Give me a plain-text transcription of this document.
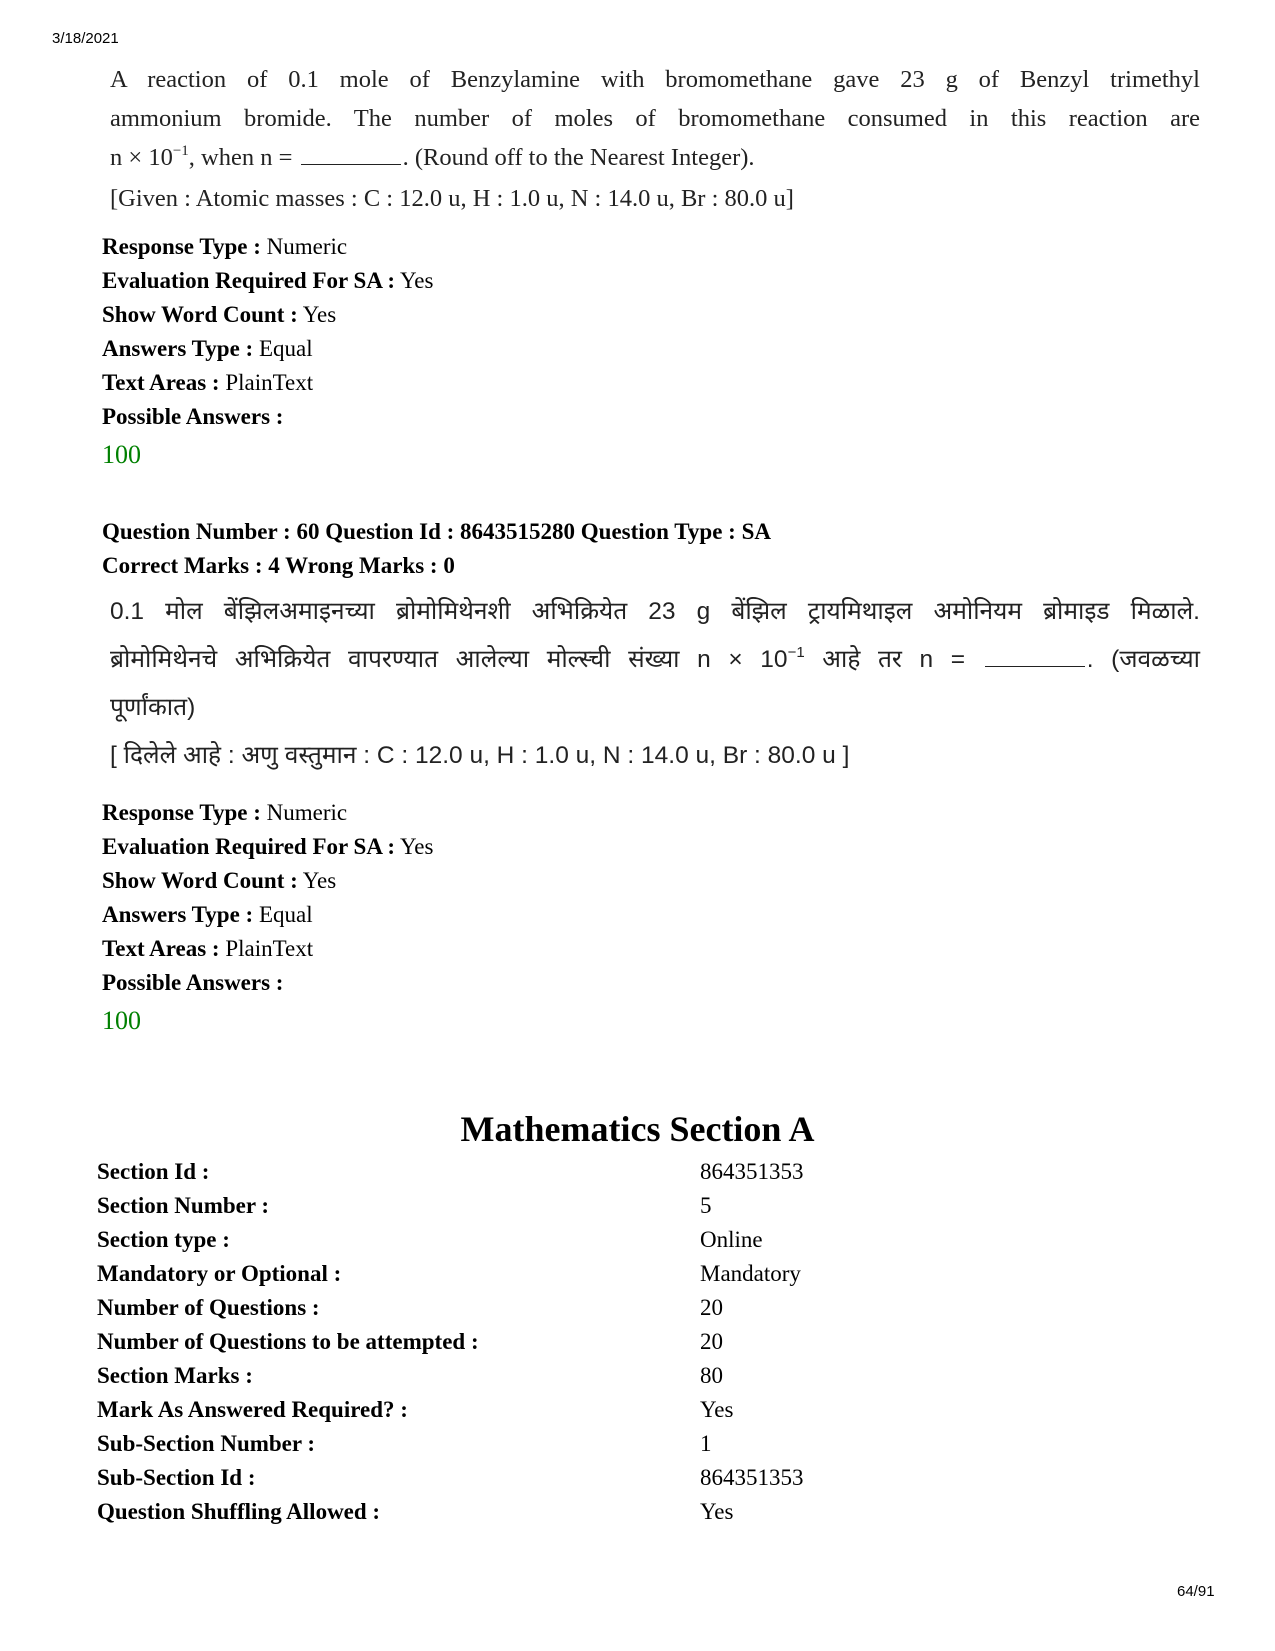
3/18/2021

A reaction of 0.1 mole of Benzylamine with bromomethane gave 23 g of Benzyl trimethyl

ammonium bromide. The number of moles of bromomethane consumed in this reaction are

$n \times 10^{-1}$, when n =	. (Round off to the Nearest Integer).

[Given : Atomic masses : C : 12.0 u, H : 1.0 u, N : 14.0 u, Br : 80.0 u]

Response Type : Numeric
Evaluation Required For SA : Yes
Show Word Count : Yes
Answers Type : Equal
Text Areas : PlainText
Possible Answers :
100
Question Number : 60 Question Id : 8643515280 Question Type : SA
Correct Marks : 4 Wrong Marks : 0

0.1 मोल बेंझिलअमाइनच्या ब्रोमोमिथेनशी अभिक्रियेत 23 g बेंझिल ट्रायमिथाइल अमोनियम ब्रोमाइड मिळाले.

ब्रोमोमिथेनचे अभिक्रियेत वापरण्यात आलेल्या मोल्स्ची संख्या $n \times 10^{-1}$ आहे तर n =	. (जवळच्या

पूर्णांकात)

[ दिलेले आहे : अणु वस्तुमान : C : 12.0 u, H : 1.0 u, N : 14.0 u, Br : 80.0 u ]

Response Type : Numeric
Evaluation Required For SA : Yes
Show Word Count : Yes
Answers Type : Equal
Text Areas : PlainText
Possible Answers :
100
Mathematics Section A
Section Id :	864351353
Section Number :	5
Section type :	Online
Mandatory or Optional :	Mandatory
Number of Questions :	20
Number of Questions to be attempted :	20
Section Marks :	80
Mark As Answered Required? :	Yes
Sub-Section Number :	1
Sub-Section Id :	864351353
Question Shuffling Allowed :	Yes
64/91
